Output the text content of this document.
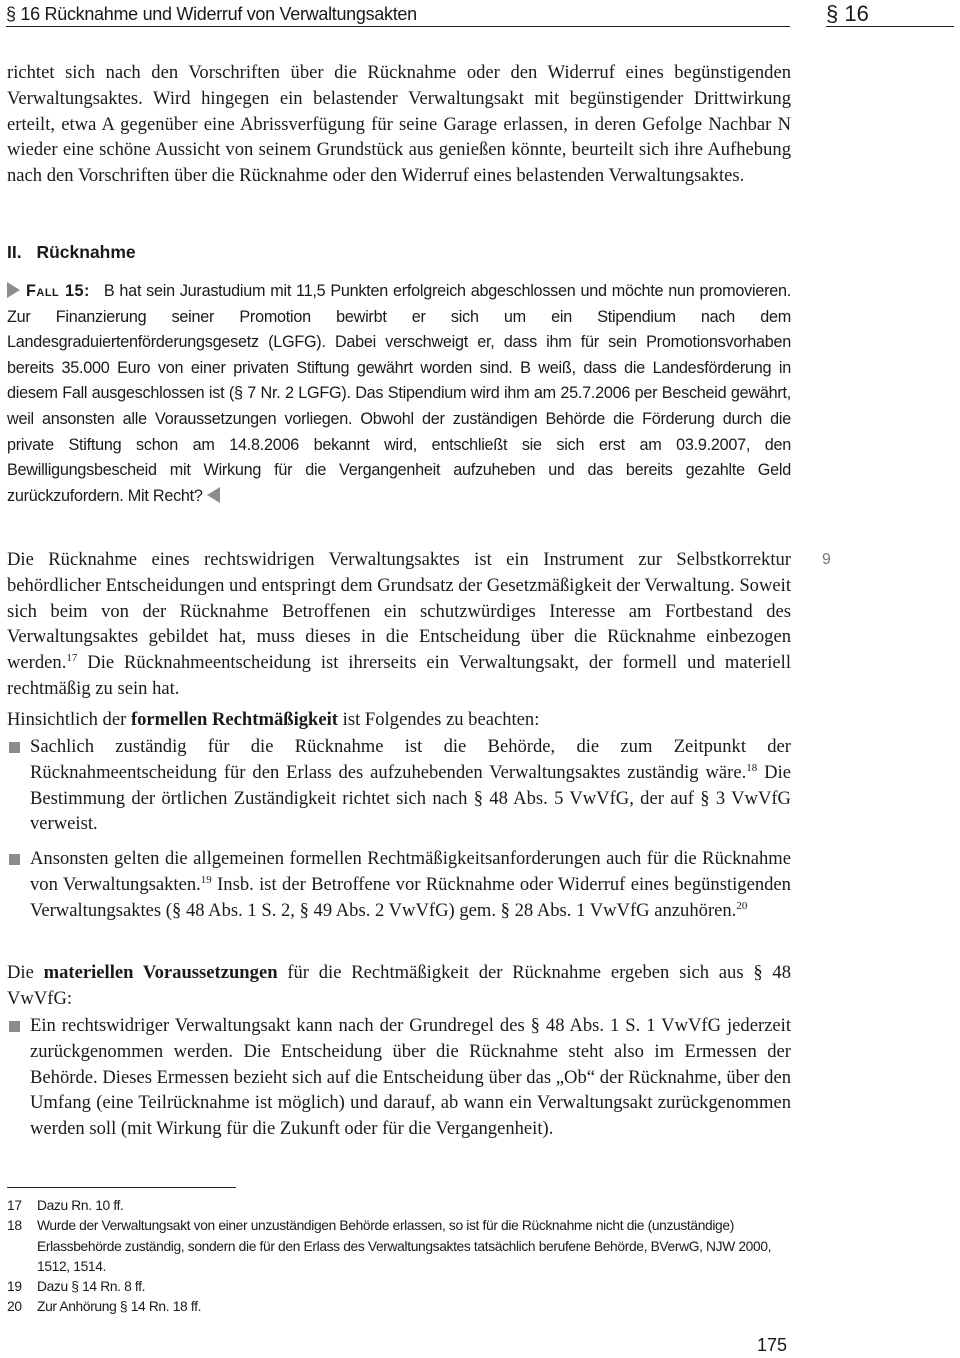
§ 16 Rücknahme und Widerruf von Verwaltungsakten	§ 16

richtet sich nach den Vorschriften über die Rücknahme oder den Widerruf eines begünstigenden Verwaltungsaktes. Wird hingegen ein belastender Verwaltungsakt mit begünstigender Drittwirkung erteilt, etwa A gegenüber eine Abrissverfügung für seine Garage erlassen, in deren Gefolge Nachbar N wieder eine schöne Aussicht von seinem Grundstück aus genießen könnte, beurteilt sich ihre Aufhebung nach den Vorschriften über die Rücknahme oder den Widerruf eines belastenden Verwaltungsaktes.

II. Rücknahme

Fall 15: B hat sein Jurastudium mit 11,5 Punkten erfolgreich abgeschlossen und möchte nun promovieren. Zur Finanzierung seiner Promotion bewirbt er sich um ein Stipendium nach dem Landesgraduiertenförderungsgesetz (LGFG). Dabei verschweigt er, dass ihm für sein Promotionsvorhaben bereits 35.000 Euro von einer privaten Stiftung gewährt worden sind. B weiß, dass die Landesförderung in diesem Fall ausgeschlossen ist (§ 7 Nr. 2 LGFG). Das Stipendium wird ihm am 25.7.2006 per Bescheid gewährt, weil ansonsten alle Voraussetzungen vorliegen. Obwohl der zuständigen Behörde die Förderung durch die private Stiftung schon am 14.8.2006 bekannt wird, entschließt sie sich erst am 03.9.2007, den Bewilligungsbescheid mit Wirkung für die Vergangenheit aufzuheben und das bereits gezahlte Geld zurückzufordern. Mit Recht?

9

Die Rücknahme eines rechtswidrigen Verwaltungsaktes ist ein Instrument zur Selbstkorrektur behördlicher Entscheidungen und entspringt dem Grundsatz der Gesetzmäßigkeit der Verwaltung. Soweit sich beim von der Rücknahme Betroffenen ein schutzwürdiges Interesse am Fortbestand des Verwaltungsaktes gebildet hat, muss dieses in die Entscheidung über die Rücknahme einbezogen werden.$^{17}$ Die Rücknahmeentscheidung ist ihrerseits ein Verwaltungsakt, der formell und materiell rechtmäßig zu sein hat.

Hinsichtlich der formellen Rechtmäßigkeit ist Folgendes zu beachten:

Sachlich zuständig für die Rücknahme ist die Behörde, die zum Zeitpunkt der Rücknahmeentscheidung für den Erlass des aufzuhebenden Verwaltungsaktes zuständig wäre.$^{18}$ Die Bestimmung der örtlichen Zuständigkeit richtet sich nach § 48 Abs. 5 VwVfG, der auf § 3 VwVfG verweist.
Ansonsten gelten die allgemeinen formellen Rechtmäßigkeitsanforderungen auch für die Rücknahme von Verwaltungsakten.$^{19}$ Insb. ist der Betroffene vor Rücknahme oder Widerruf eines begünstigenden Verwaltungsaktes (§ 48 Abs. 1 S. 2, § 49 Abs. 2 VwVfG) gem. § 28 Abs. 1 VwVfG anzuhören.$^{20}$

Die materiellen Voraussetzungen für die Rechtmäßigkeit der Rücknahme ergeben sich aus § 48 VwVfG:

Ein rechtswidriger Verwaltungsakt kann nach der Grundregel des § 48 Abs. 1 S. 1 VwVfG jederzeit zurückgenommen werden. Die Entscheidung über die Rücknahme steht also im Ermessen der Behörde. Dieses Ermessen bezieht sich auf die Entscheidung über das „Ob“ der Rücknahme, über den Umfang (eine Teilrücknahme ist möglich) und darauf, ab wann ein Verwaltungsakt zurückgenommen werden soll (mit Wirkung für die Zukunft oder für die Vergangenheit).
17	Dazu Rn. 10 ff.
18	Wurde der Verwaltungsakt von einer unzuständigen Behörde erlassen, so ist für die Rücknahme nicht die (unzuständige) Erlassbehörde zuständig, sondern die für den Erlass des Verwaltungsaktes tatsächlich berufene Behörde, BVerwG, NJW 2000, 1512, 1514.
19	Dazu § 14 Rn. 8 ff.
20	Zur Anhörung § 14 Rn. 18 ff.
175
